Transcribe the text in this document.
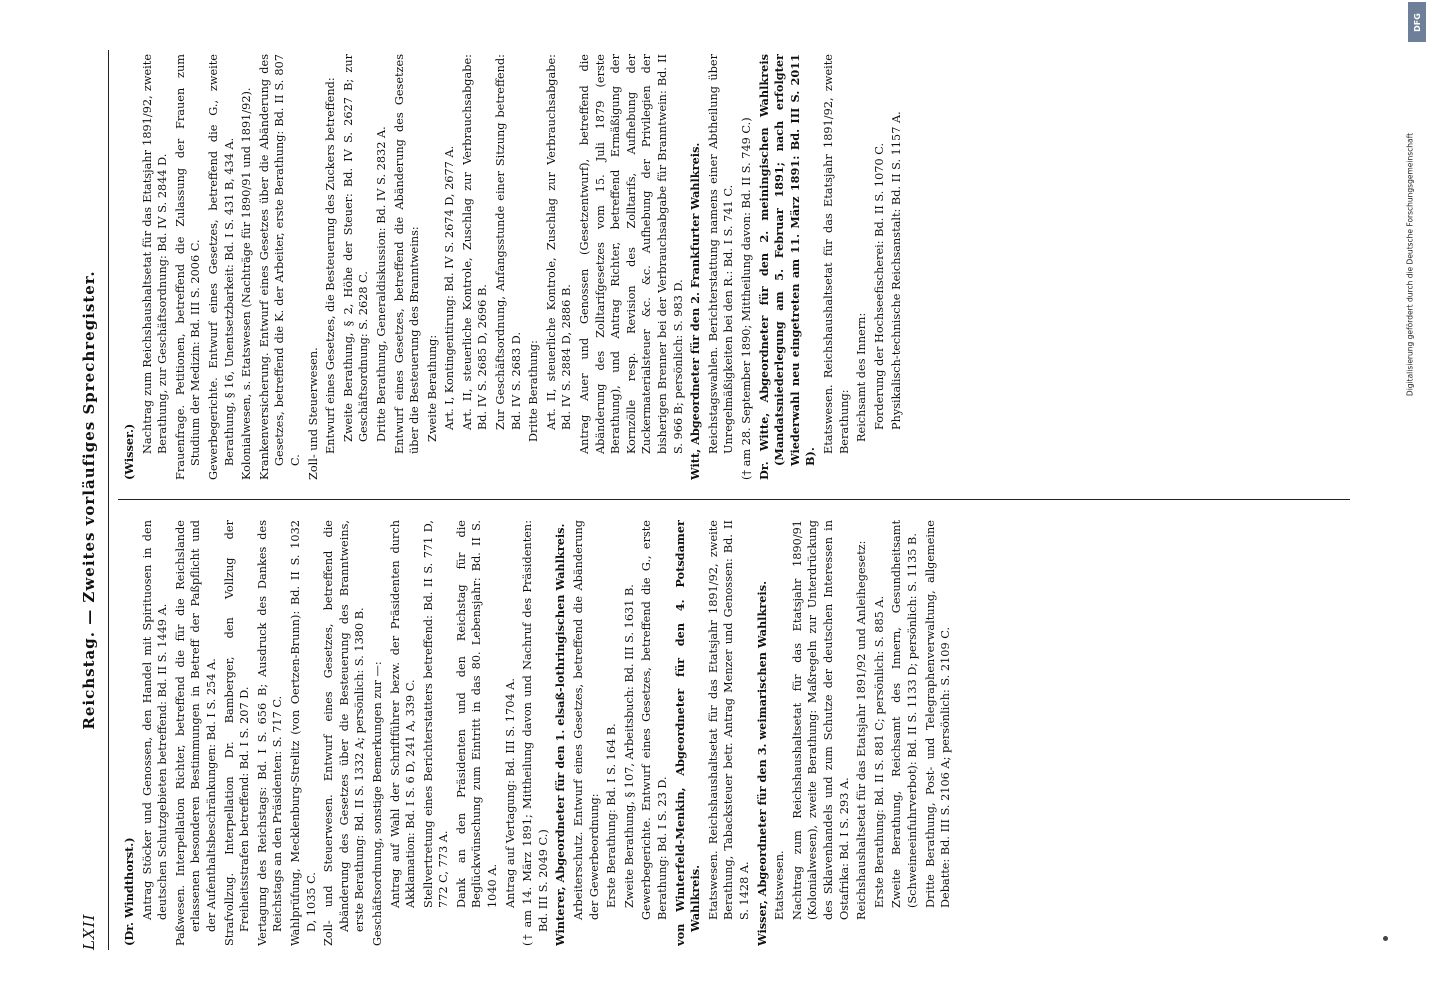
LXII
Reichstag. — Zweites vorläufiges Sprechregister.

(Dr. Windthorst.) Antrag Stöcker und Genossen, den Handel mit Spirituosen in den deutschen Schutzgebieten betreffend: Bd. II S. 1449 A. Paßwesen. Interpellation Richter, betreffend die für die Reichslande erlassenen besonderen Bestimmungen in Betreff der Paßpflicht und der Aufenthaltsbeschränkungen: Bd. I S. 254 A. Strafvollzug. Interpellation Dr. Bamberger, den Vollzug der Freiheitsstrafen betreffend: Bd. I S. 207 D. Vertagung des Reichstags: Bd. I S. 656 B; Ausdruck des Dankes des Reichstags an den Präsidenten: S. 717 C. Wahlprüfung, Mecklenburg-Strelitz (von Oertzen-Brunn): Bd. II S. 1032 D, 1035 C. Zoll- und Steuerwesen. Entwurf eines Gesetzes, betreffend die Abänderung des Gesetzes über die Besteuerung des Branntweins, erste Berathung: Bd. II S. 1332 A; persönlich: S. 1380 B. Geschäftsordnung, sonstige Bemerkungen zur —: Antrag auf Wahl der Schriftführer bezw. der Präsidenten durch Akklamation: Bd. I S. 6 D, 241 A, 339 C. Stellvertretung eines Berichterstatters betreffend: Bd. II S. 771 D, 772 C, 773 A. Dank an den Präsidenten und den Reichstag für die Beglückwünschung zum Eintritt in das 80. Lebensjahr: Bd. II S. 1040 A. Antrag auf Vertagung: Bd. III S. 1704 A. († am 14. März 1891; Mittheilung davon und Nachruf des Präsidenten: Bd. III S. 2049 C.) Winterer, Abgeordneter für den 1. elsaß-lothringischen Wahlkreis. Arbeiterschutz. Entwurf eines Gesetzes, betreffend die Abänderung der Gewerbeordnung: Erste Berathung: Bd. I S. 164 B. Zweite Berathung, § 107, Arbeitsbuch: Bd. III S. 1631 B. Gewerbegerichte. Entwurf eines Gesetzes, betreffend die G., erste Berathung: Bd. I S. 23 D. von Winterfeld-Menkin, Abgeordneter für den 4. Potsdamer Wahlkreis. Etatswesen. Reichshaushaltsetat für das Etatsjahr 1891/92, zweite Berathung, Tabacksteuer betr. Antrag Menzer und Genossen: Bd. II S. 1428 A. Wisser, Abgeordneter für den 3. weimarischen Wahlkreis. Etatswesen. Nachtrag zum Reichshaushaltsetat für das Etatsjahr 1890/91 (Kolonialwesen), zweite Berathung: Maßregeln zur Unterdrückung des Sklavenhandels und zum Schutze der deutschen Interessen in Ostafrika: Bd. I S. 293 A. Reichshaushaltsetat für das Etatsjahr 1891/92 und Anleihegesetz: Erste Berathung: Bd. II S. 881 C; persönlich: S. 885 A. Zweite Berathung, Reichsamt des Innern, Gesundheitsamt (Schweineeinfuhrverbot): Bd. II S. 1133 D; persönlich: S. 1135 B. Dritte Berathung, Post- und Telegraphenverwaltung, allgemeine Debatte: Bd. III S. 2106 A; persönlich: S. 2109 C.

(Wisser.) Nachtrag zum Reichshaushaltsetat für das Etatsjahr 1891/92, zweite Berathung, zur Geschäftsordnung: Bd. IV S. 2844 D. Frauenfrage. Petitionen, betreffend die Zulassung der Frauen zum Studium der Medizin: Bd. III S. 2006 C. Gewerbegerichte. Entwurf eines Gesetzes, betreffend die G., zweite Berathung, § 16, Unentsetzbarkeit: Bd. I S. 431 B, 434 A. Kolonialwesen, s. Etatswesen (Nachträge für 1890/91 und 1891/92). Krankenversicherung. Entwurf eines Gesetzes über die Abänderung des Gesetzes, betreffend die K. der Arbeiter, erste Berathung: Bd. II S. 807 C. Zoll- und Steuerwesen. Entwurf eines Gesetzes, die Besteuerung des Zuckers betreffend: Zweite Berathung, § 2, Höhe der Steuer: Bd. IV S. 2627 B; zur Geschäftsordnung: S. 2628 C. Dritte Berathung, Generaldiskussion: Bd. IV S. 2832 A. Entwurf eines Gesetzes, betreffend die Abänderung des Gesetzes über die Besteuerung des Branntweins: Zweite Berathung: Art. I, Kontingentirung: Bd. IV S. 2674 D, 2677 A. Art. II, steuerliche Kontrole, Zuschlag zur Verbrauchsabgabe: Bd. IV S. 2685 D, 2696 B. Zur Geschäftsordnung, Anfangsstunde einer Sitzung betreffend: Bd. IV S. 2683 D. Dritte Berathung: Art. II, steuerliche Kontrole, Zuschlag zur Verbrauchsabgabe: Bd. IV S. 2884 D, 2886 B. Antrag Auer und Genossen (Gesetzentwurf), betreffend die Abänderung des Zolltarifgesetzes vom 15. Juli 1879 (erste Berathung), und Antrag Richter, betreffend Ermäßigung der Kornzölle resp. Revision des Zolltarifs, Aufhebung der Zuckermaterialsteuer &c. &c. Aufhebung der Privilegien der bisherigen Brenner bei der Verbrauchsabgabe für Branntwein: Bd. II S. 966 B; persönlich: S. 983 D. Witt, Abgeordneter für den 2. Frankfurter Wahlkreis. Reichstagswahlen. Berichterstattung namens einer Abtheilung über Unregelmäßigkeiten bei den R.: Bd. I S. 741 C. († am 28. September 1890; Mittheilung davon: Bd. II S. 749 C.) Dr. Witte, Abgeordneter für den 2. meiningischen Wahlkreis (Mandatsniederlegung am 5. Februar 1891; nach erfolgter Wiederwahl neu eingetreten am 11. März 1891: Bd. III S. 2011 B).

Etatswesen. Reichshaushaltsetat für das Etatsjahr 1891/92, zweite Berathung: Reichsamt des Innern: Forderung der Hochseefischerei: Bd. II S. 1070 C. Physikalisch-technische Reichsanstalt: Bd. II S. 1157 A.

DFG
Digitalisierung gefördert durch die Deutsche Forschungsgemeinschaft
